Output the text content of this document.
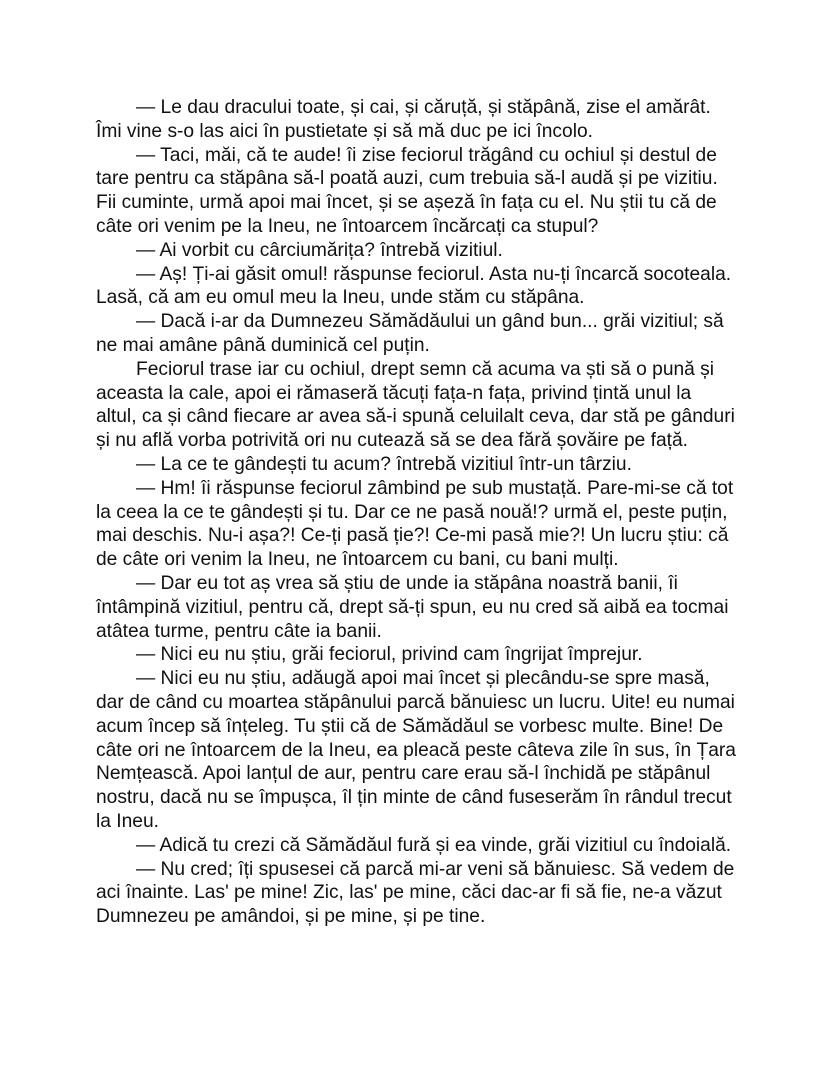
— Le dau dracului toate, și cai, și căruță, și stăpână, zise el amărât. Îmi vine s-o las aici în pustietate și să mă duc pe ici încolo.

— Taci, măi, că te aude! îi zise feciorul trăgând cu ochiul și destul de tare pentru ca stăpâna să-l poată auzi, cum trebuia să-l audă și pe vizitiu. Fii cuminte, urmă apoi mai încet, și se așeză în fața cu el. Nu știi tu că de câte ori venim pe la Ineu, ne întoarcem încărcați ca stupul?

— Ai vorbit cu cârciumărița? întrebă vizitiul.

— Aș! Ți-ai găsit omul! răspunse feciorul. Asta nu-ți încarcă socoteala. Lasă, că am eu omul meu la Ineu, unde stăm cu stăpâna.

— Dacă i-ar da Dumnezeu Sămădăului un gând bun... grăi vizitiul; să ne mai amâne până duminică cel puțin.

Feciorul trase iar cu ochiul, drept semn că acuma va ști să o pună și aceasta la cale, apoi ei rămaseră tăcuți fața-n fața, privind țintă unul la altul, ca și când fiecare ar avea să-i spună celuilalt ceva, dar stă pe gânduri și nu află vorba potrivită ori nu cutează să se dea fără șovăire pe față.

— La ce te gândești tu acum? întrebă vizitiul într-un târziu.

— Hm! îi răspunse feciorul zâmbind pe sub mustață. Pare-mi-se că tot la ceea la ce te gândești și tu. Dar ce ne pasă nouă!? urmă el, peste puțin, mai deschis. Nu-i așa?! Ce-ți pasă ție?! Ce-mi pasă mie?! Un lucru știu: că de câte ori venim la Ineu, ne întoarcem cu bani, cu bani mulți.

— Dar eu tot aș vrea să știu de unde ia stăpâna noastră banii, îi întâmpină vizitiul, pentru că, drept să-ți spun, eu nu cred să aibă ea tocmai atâtea turme, pentru câte ia banii.

— Nici eu nu știu, grăi feciorul, privind cam îngrijat împrejur.

— Nici eu nu știu, adăugă apoi mai încet și plecându-se spre masă, dar de când cu moartea stăpânului parcă bănuiesc un lucru. Uite! eu numai acum încep să înțeleg. Tu știi că de Sămădăul se vorbesc multe. Bine! De câte ori ne întoarcem de la Ineu, ea pleacă peste câteva zile în sus, în Țara Nemțească. Apoi lanțul de aur, pentru care erau să-l închidă pe stăpânul nostru, dacă nu se împușca, îl țin minte de când fuseserăm în rândul trecut la Ineu.

— Adică tu crezi că Sămădăul fură și ea vinde, grăi vizitiul cu îndoială.

— Nu cred; îți spusesei că parcă mi-ar veni să bănuiesc. Să vedem de aci înainte. Las' pe mine! Zic, las' pe mine, căci dac-ar fi să fie, ne-a văzut Dumnezeu pe amândoi, și pe mine, și pe tine.
